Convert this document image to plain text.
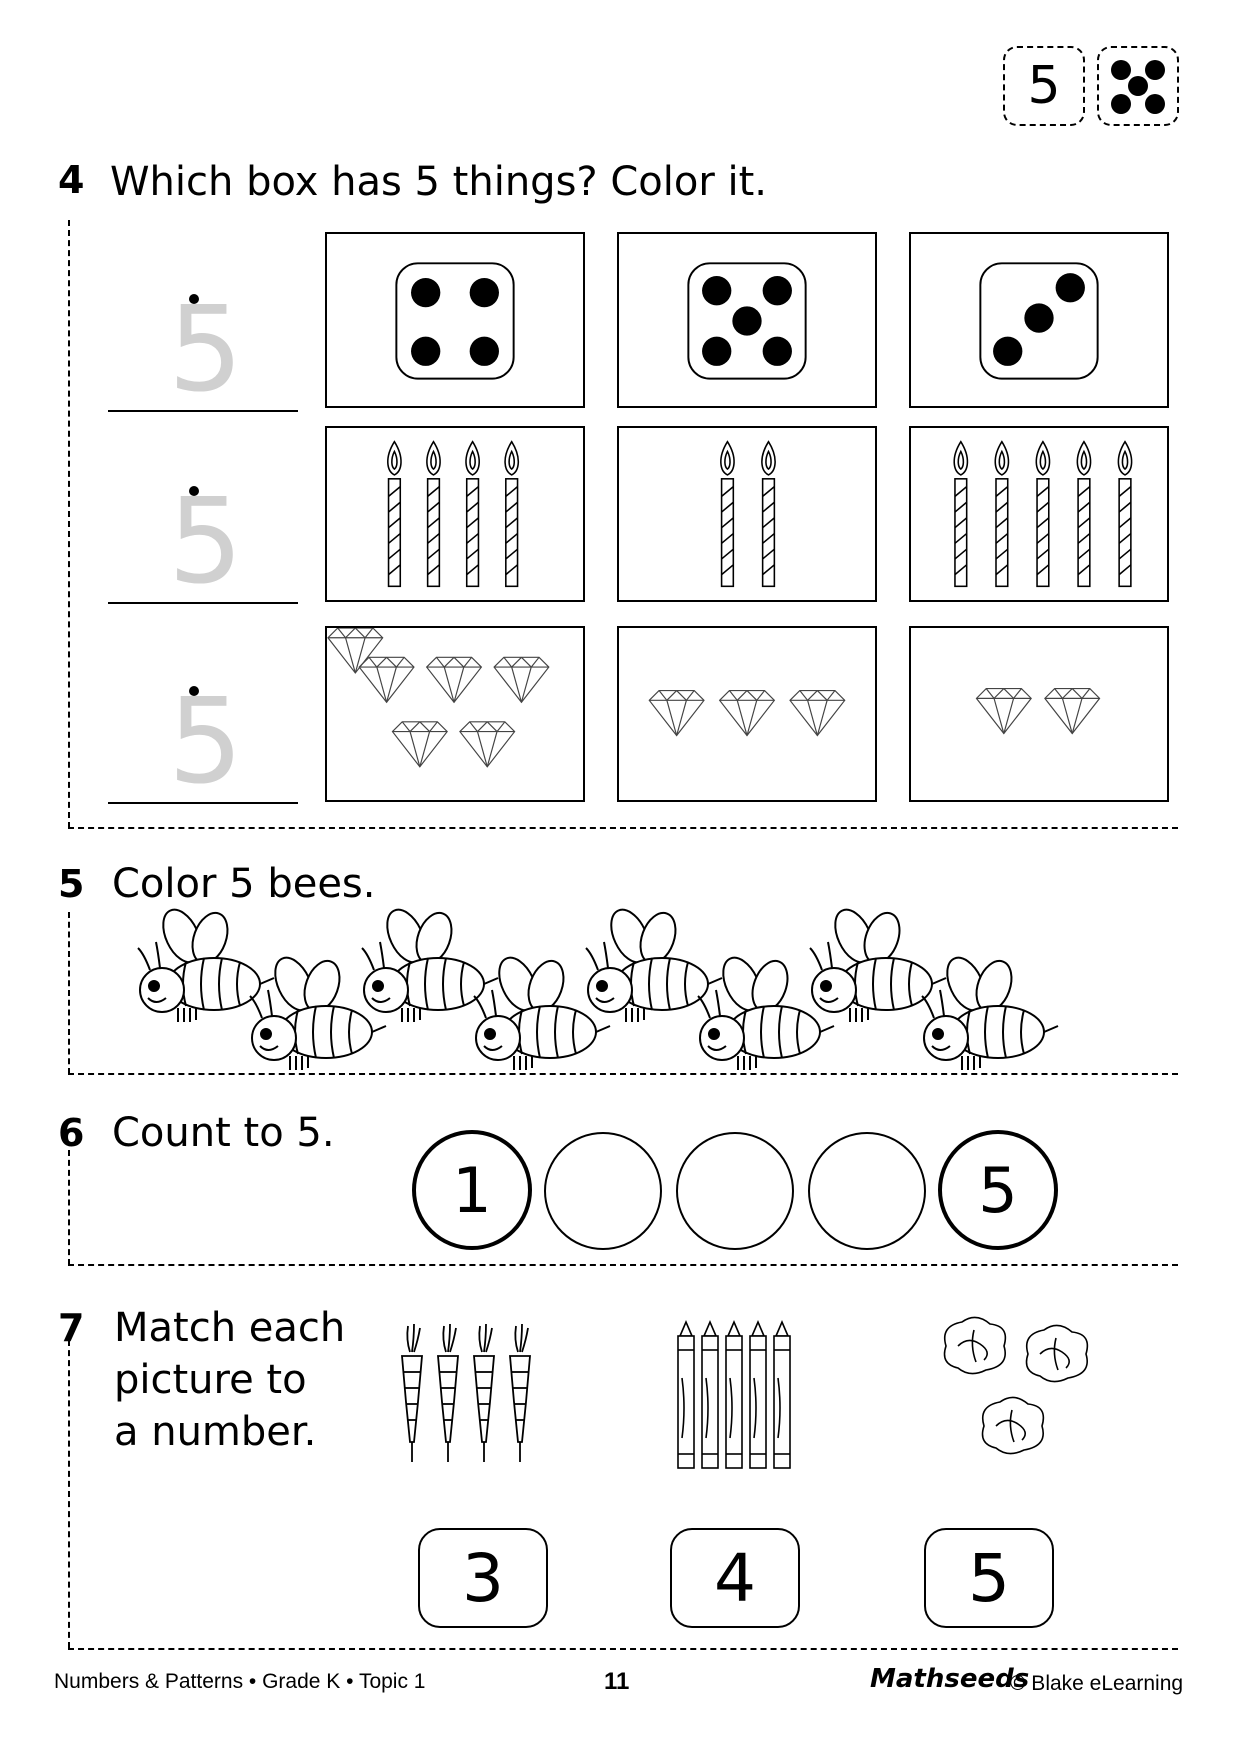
5
4 Which box has 5 things? Color it.
5
5
5
5 Color 5 bees.
6 Count to 5.
1	5
7 Match each
picture to
a number.
3	4	5
Numbers & Patterns • Grade K • Topic 1	11	Mathseeds
© Blake eLearning
